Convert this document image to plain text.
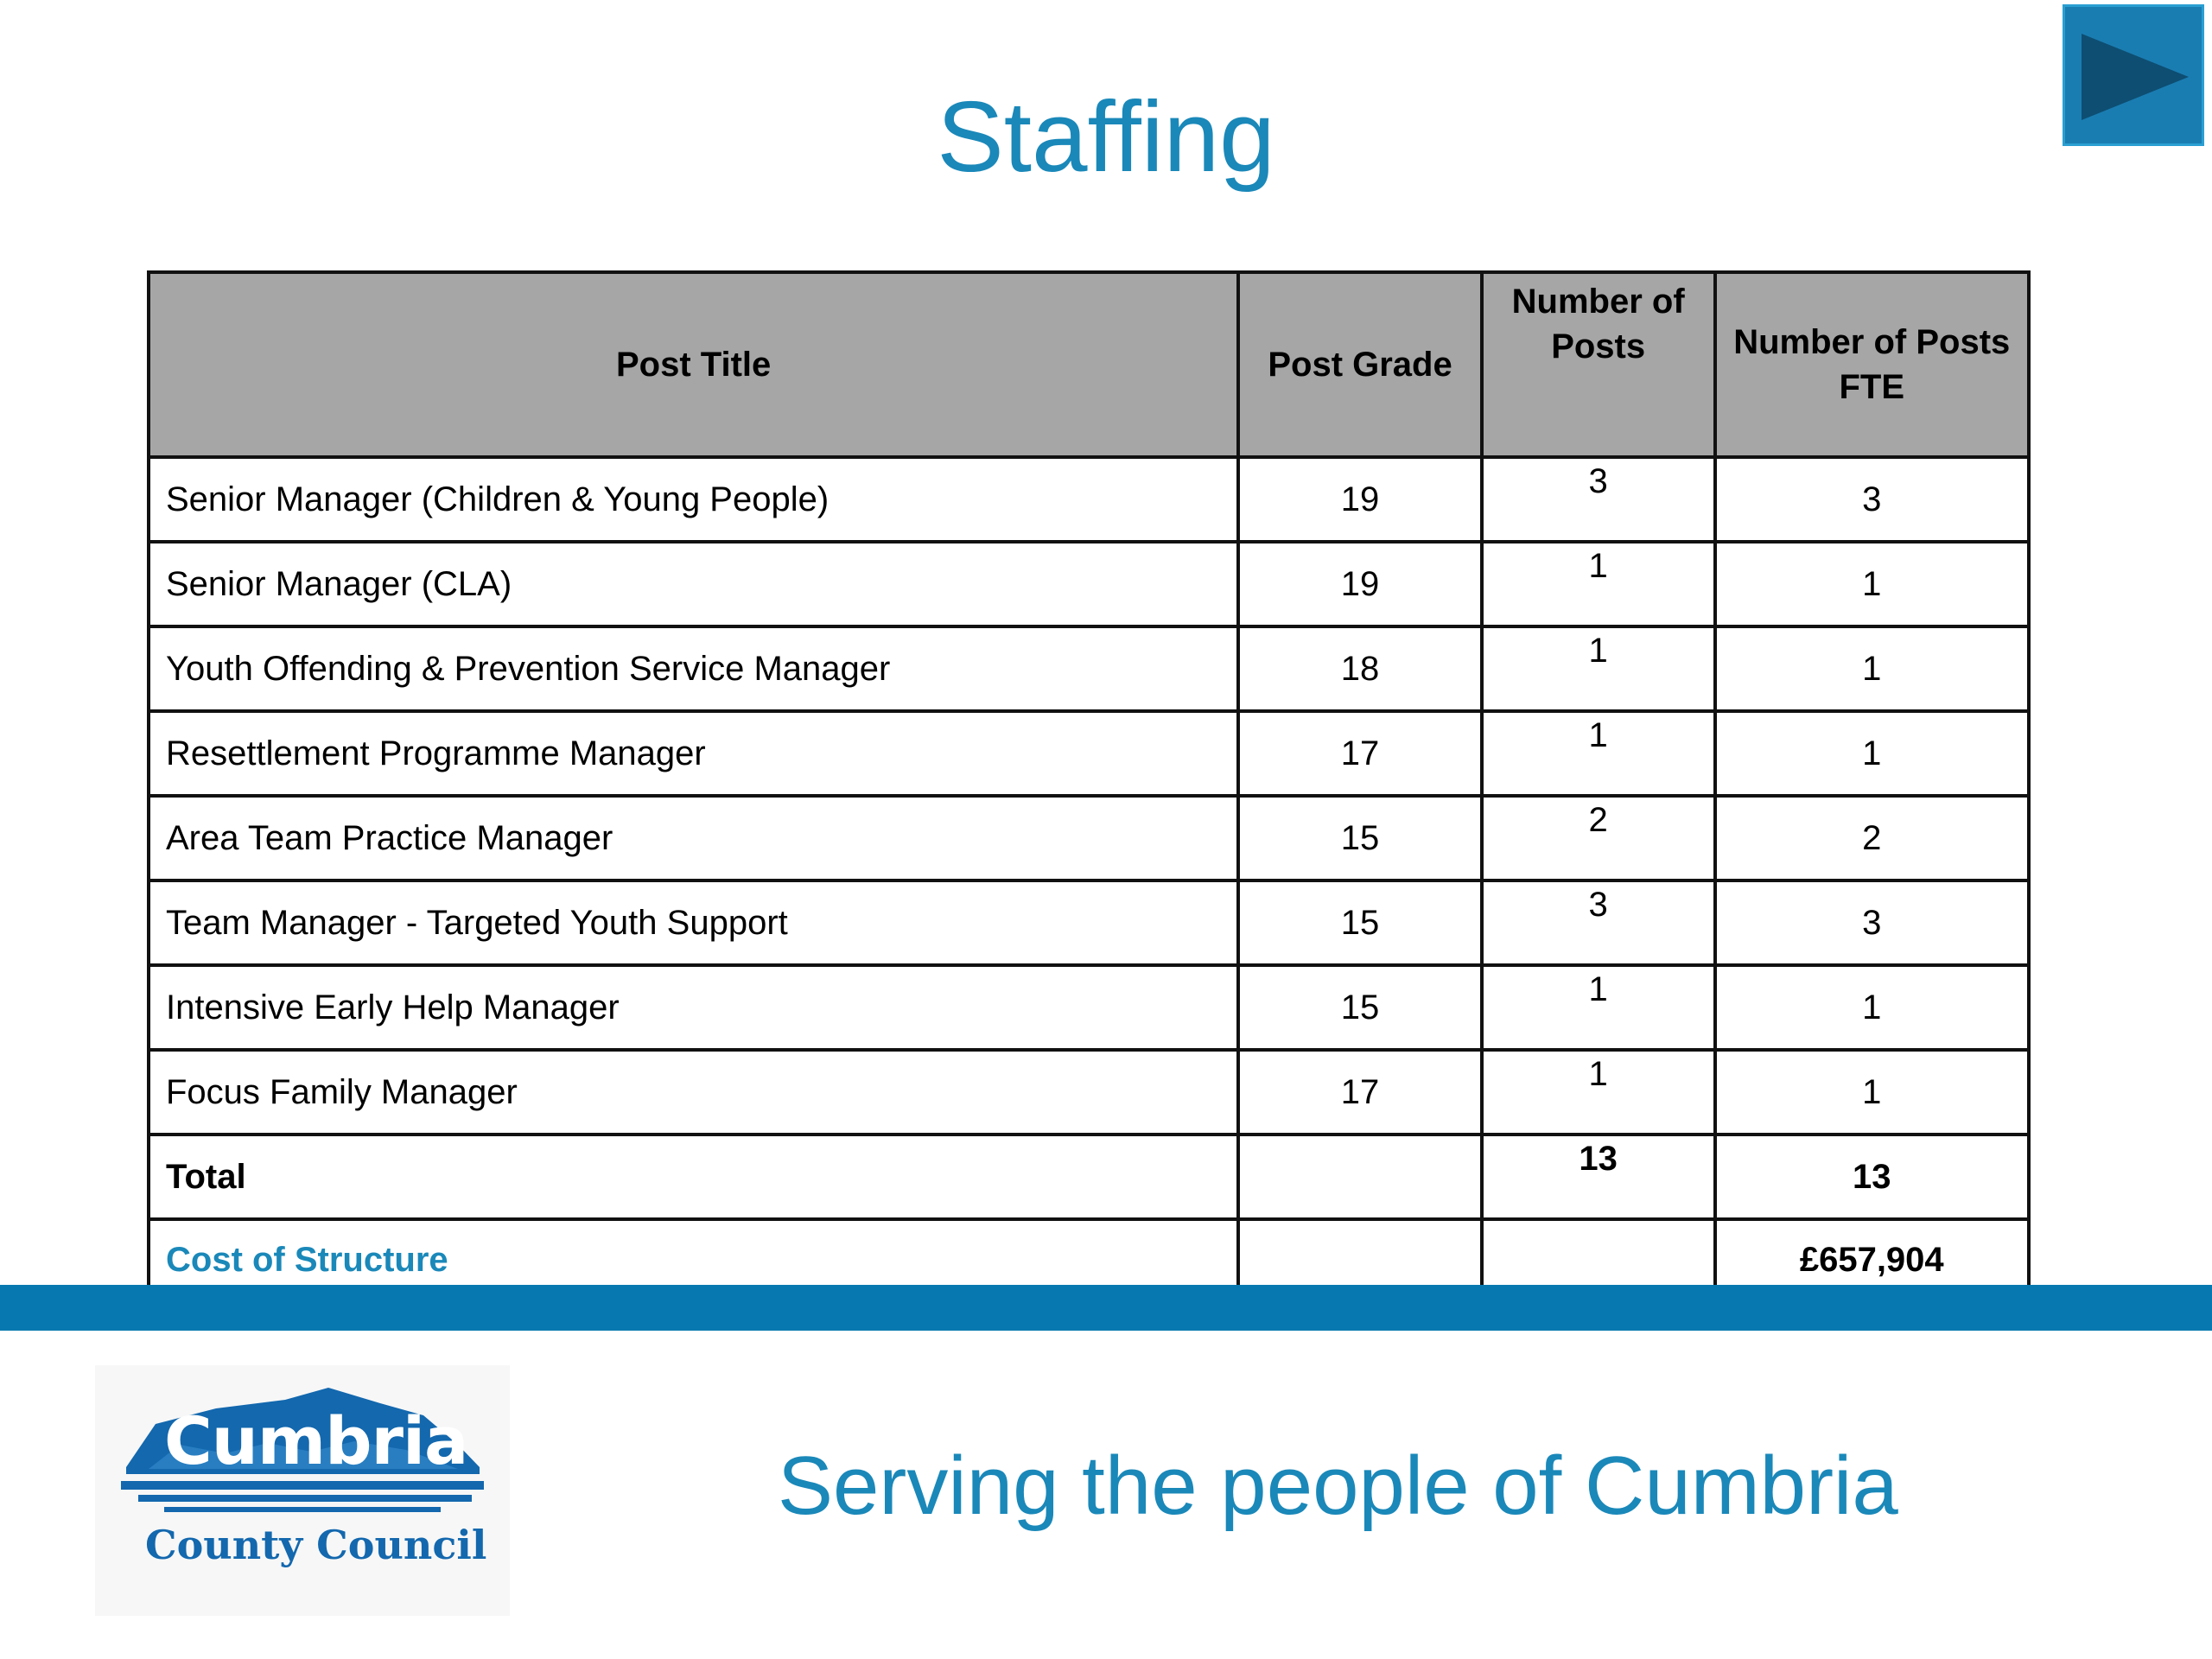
Staffing
Post Title	Post Grade	Number of Posts	Number of Posts FTE
Senior Manager (Children & Young People)	19	3	3
Senior Manager (CLA)	19	1	1
Youth Offending & Prevention Service Manager	18	1	1
Resettlement Programme Manager	17	1	1
Area Team Practice Manager	15	2	2
Team Manager - Targeted Youth Support	15	3	3
Intensive Early Help Manager	15	1	1
Focus Family Manager	17	1	1
Total		13	13
Cost of Structure			£657,904
Cumbria
County Council
Serving the people of Cumbria
